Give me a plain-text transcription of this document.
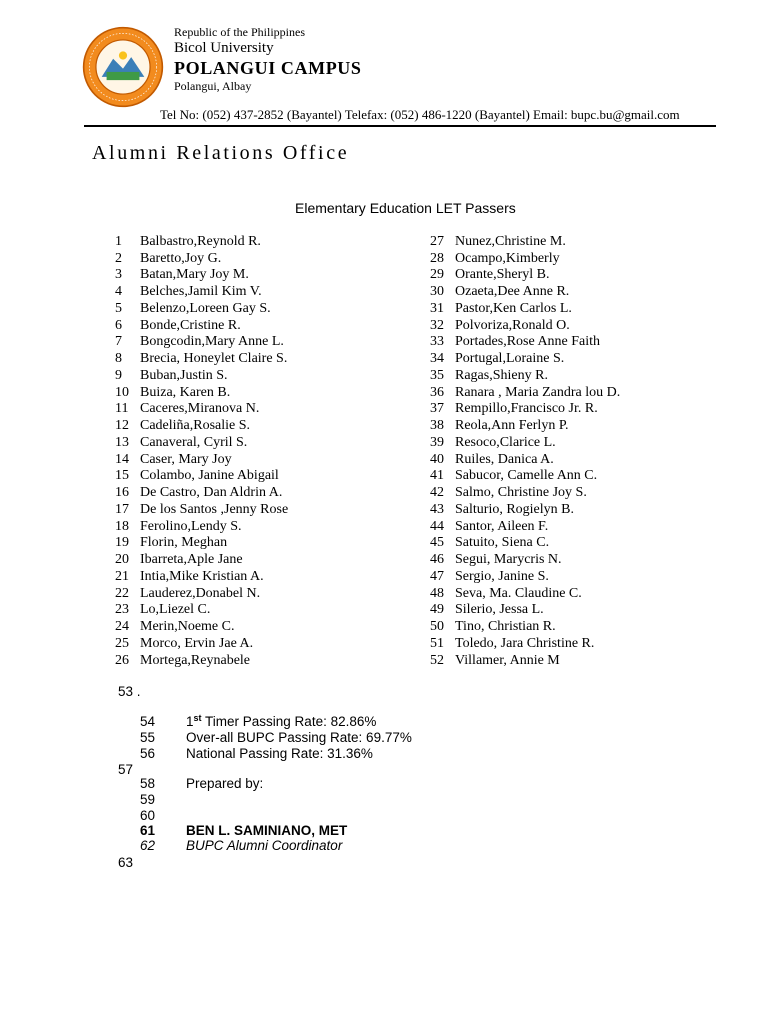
Republic of the Philippines
Bicol University
POLANGUI CAMPUS
Polangui, Albay
Tel No: (052) 437-2852 (Bayantel) Telefax: (052) 486-1220 (Bayantel) Email: bupc.bu@gmail.com
Alumni Relations Office
Elementary Education LET Passers
1 Balbastro,Reynold R.
2 Baretto,Joy G.
3 Batan,Mary Joy M.
4 Belches,Jamil Kim V.
5 Belenzo,Loreen Gay S.
6 Bonde,Cristine R.
7 Bongcodin,Mary Anne L.
8 Brecia, Honeylet Claire S.
9 Buban,Justin S.
10 Buiza, Karen B.
11 Caceres,Miranova N.
12 Cadeliña,Rosalie S.
13 Canaveral, Cyril S.
14 Caser, Mary Joy
15 Colambo, Janine Abigail
16 De Castro, Dan Aldrin A.
17 De los Santos ,Jenny Rose
18 Ferolino,Lendy S.
19 Florin, Meghan
20 Ibarreta,Aple Jane
21 Intia,Mike Kristian A.
22 Lauderez,Donabel N.
23 Lo,Liezel C.
24 Merin,Noeme C.
25 Morco, Ervin Jae A.
26 Mortega,Reynabele
27 Nunez,Christine M.
28 Ocampo,Kimberly
29 Orante,Sheryl B.
30 Ozaeta,Dee Anne R.
31 Pastor,Ken Carlos L.
32 Polvoriza,Ronald O.
33 Portades,Rose Anne Faith
34 Portugal,Loraine S.
35 Ragas,Shieny R.
36 Ranara , Maria Zandra lou D.
37 Rempillo,Francisco Jr. R.
38 Reola,Ann Ferlyn P.
39 Resoco,Clarice L.
40 Ruiles, Danica A.
41 Sabucor, Camelle Ann C.
42 Salmo, Christine Joy S.
43 Salturio, Rogielyn B.
44 Santor, Aileen F.
45 Satuito, Siena C.
46 Segui, Marycris N.
47 Sergio, Janine S.
48 Seva, Ma. Claudine C.
49 Silerio, Jessa L.
50 Tino, Christian R.
51 Toledo, Jara Christine R.
52 Villamer, Annie M
53 .
54 1st Timer Passing Rate: 82.86%
55 Over-all BUPC Passing Rate: 69.77%
56 National Passing Rate: 31.36%
57
58 Prepared by:
59
60
61 BEN L. SAMINIANO, MET
62 BUPC Alumni Coordinator
63
